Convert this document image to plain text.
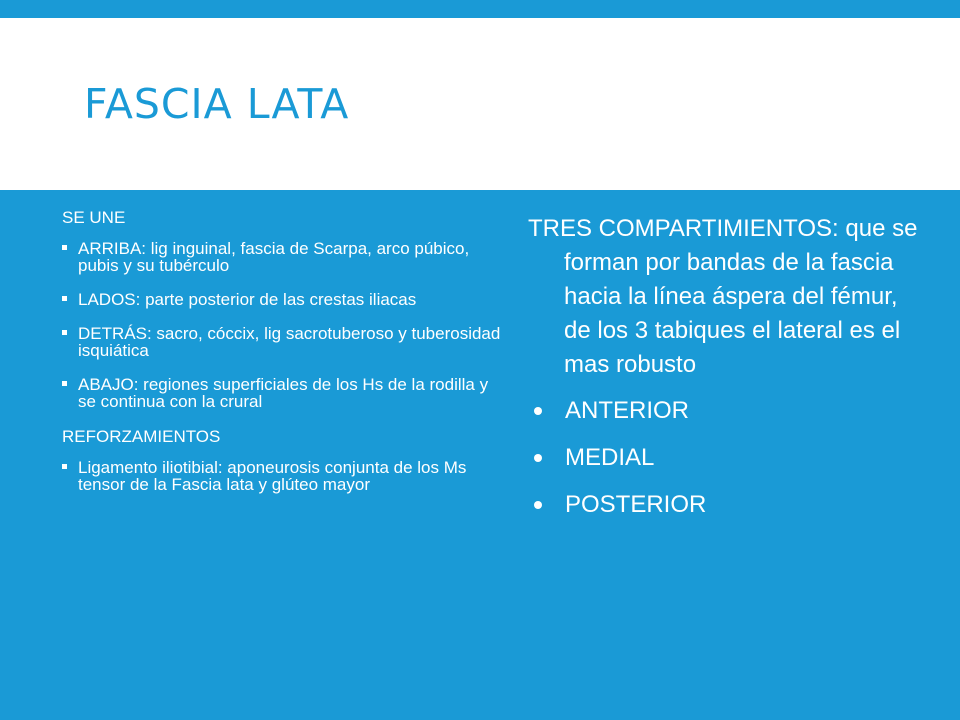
FASCIA LATA
SE UNE
ARRIBA: lig inguinal, fascia de Scarpa, arco púbico, pubis y su tubérculo
LADOS: parte posterior de las crestas iliacas
DETRÁS: sacro, cóccix, lig sacrotuberoso y tuberosidad isquiática
ABAJO: regiones superficiales de los Hs de la rodilla y se continua con la crural
REFORZAMIENTOS
Ligamento iliotibial: aponeurosis conjunta de los Ms tensor de la Fascia lata y glúteo mayor
TRES COMPARTIMIENTOS: que se forman por bandas de la fascia hacia la línea áspera del fémur, de los 3 tabiques el lateral es el mas robusto
ANTERIOR
MEDIAL
POSTERIOR
